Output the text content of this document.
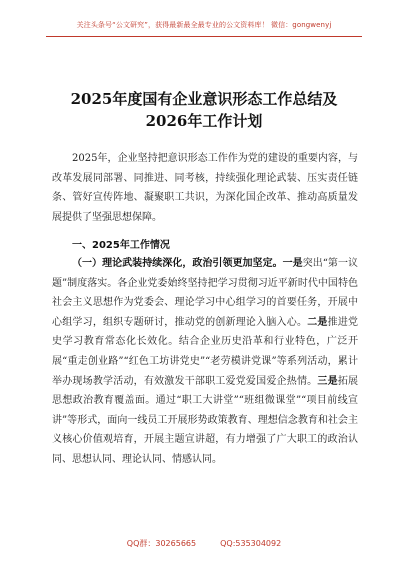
关注头条号“公文研究”，获得最新最全最专业的公文资料库！ 微信：gongwenyj
2025年度国有企业意识形态工作总结及
2026年工作计划

2025年，企业坚持把意识形态工作作为党的建设的重要内容，与改革发展同部署、同推进、同考核，持续强化理论武装、压实责任链条、管好宣传阵地、凝聚职工共识，为深化国企改革、推动高质量发展提供了坚强思想保障。

一、2025年工作情况

（一）理论武装持续深化，政治引领更加坚定。一是突出“第一议题”制度落实。各企业党委始终坚持把学习贯彻习近平新时代中国特色社会主义思想作为党委会、理论学习中心组学习的首要任务，开展中心组学习，组织专题研讨，推动党的创新理论入脑入心。二是推进党史学习教育常态化长效化。结合企业历史沿革和行业特色，广泛开展“重走创业路”“红色工坊讲党史”“老劳模讲党课”等系列活动，累计举办现场教学活动，有效激发干部职工爱党爱国爱企热情。三是拓展思想政治教育覆盖面。通过“职工大讲堂”“班组微课堂”“项目前线宣讲”等形式，面向一线员工开展形势政策教育、理想信念教育和社会主义核心价值观培育，开展主题宣讲超，有力增强了广大职工的政治认同、思想认同、理论认同、情感认同。

QQ群：30265665	QQ:535304092
